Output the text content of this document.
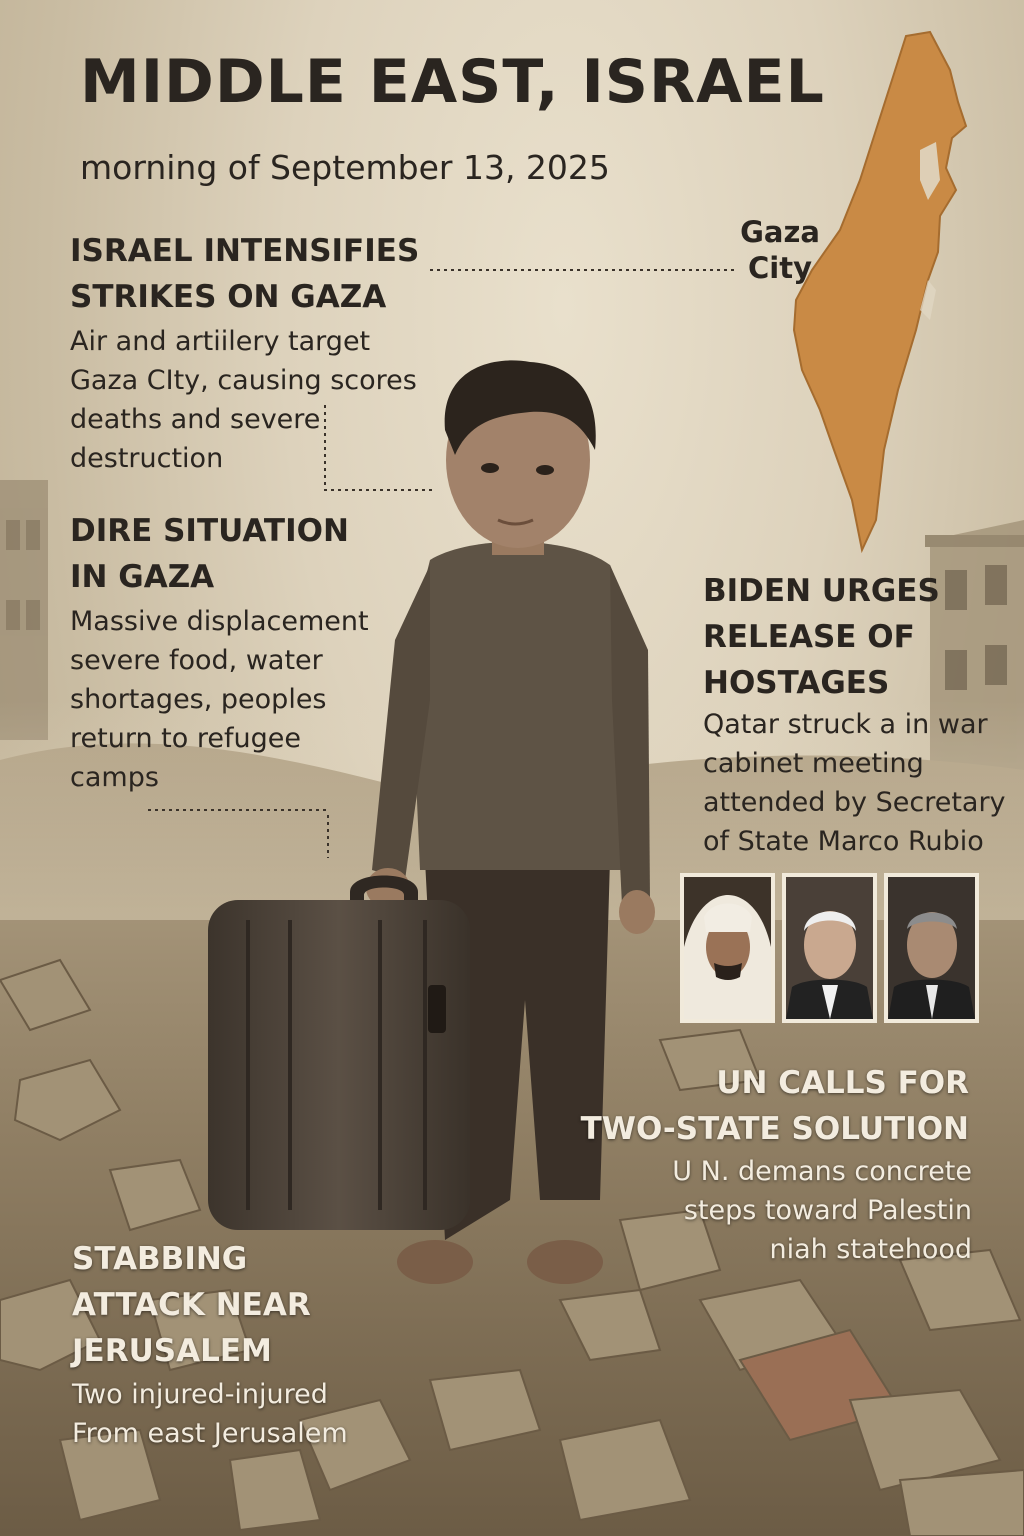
MIDDLE EAST, ISRAEL
morning of September 13, 2025
Gaza
City
ISRAEL INTENSIFIES
STRIKES ON GAZA

Air and artiilery target
Gaza CIty, causing scores
deaths and severe
destruction

DIRE SITUATION
IN GAZA

Massive displacement
severe food, water
shortages, peoples
return to refugee
camps

BIDEN URGES
RELEASE OF
HOSTAGES

Qatar struck a in war
cabinet meeting
attended by Secretary
of State Marco Rubio

UN CALLS FOR
TWO-STATE SOLUTION

U N. demans concrete
steps toward Palestin
niah statehood

STABBING
ATTACK NEAR
JERUSALEM

Two injured-injured
From east Jerusalem
